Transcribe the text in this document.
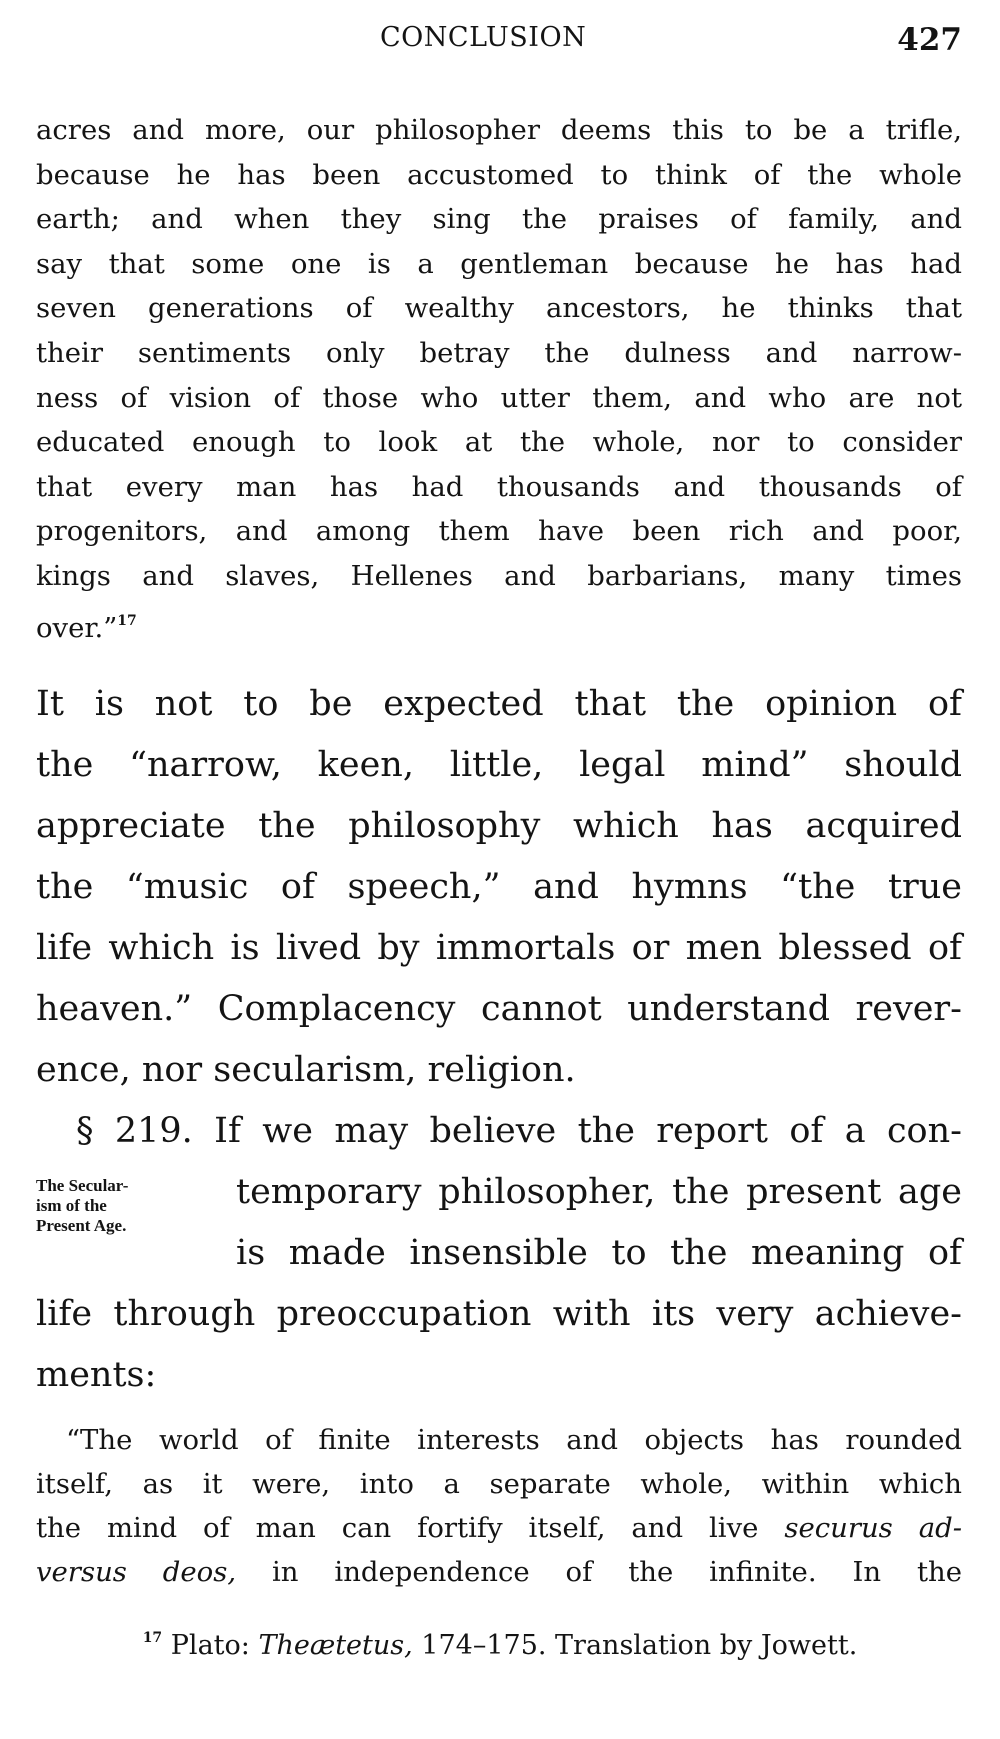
CONCLUSION	427

acres and more, our philosopher deems this to be a trifle,
because he has been accustomed to think of the whole
earth; and when they sing the praises of family, and
say that some one is a gentleman because he has had
seven generations of wealthy ancestors, he thinks that
their sentiments only betray the dulness and narrow-
ness of vision of those who utter them, and who are not
educated enough to look at the whole, nor to consider
that every man has had thousands and thousands of
progenitors, and among them have been rich and poor,
kings and slaves, Hellenes and barbarians, many times
over.”$^{17}$

It is not to be expected that the opinion of
the “narrow, keen, little, legal mind” should
appreciate the philosophy which has acquired
the “music of speech,” and hymns “the true
life which is lived by immortals or men blessed of
heaven.” Complacency cannot understand rever-
ence, nor secularism, religion.

§ 219. If we may believe the report of a con-
temporary philosopher, the present age
is made insensible to the meaning of
life through preoccupation with its very achieve-
ments:

The Secular-
ism of the
Present Age.

“The world of finite interests and objects has rounded
itself, as it were, into a separate whole, within which
the mind of man can fortify itself, and live securus ad-
versus deos, in independence of the infinite. In the

$^{17}$ Plato: Theætetus, 174–175. Translation by Jowett.
